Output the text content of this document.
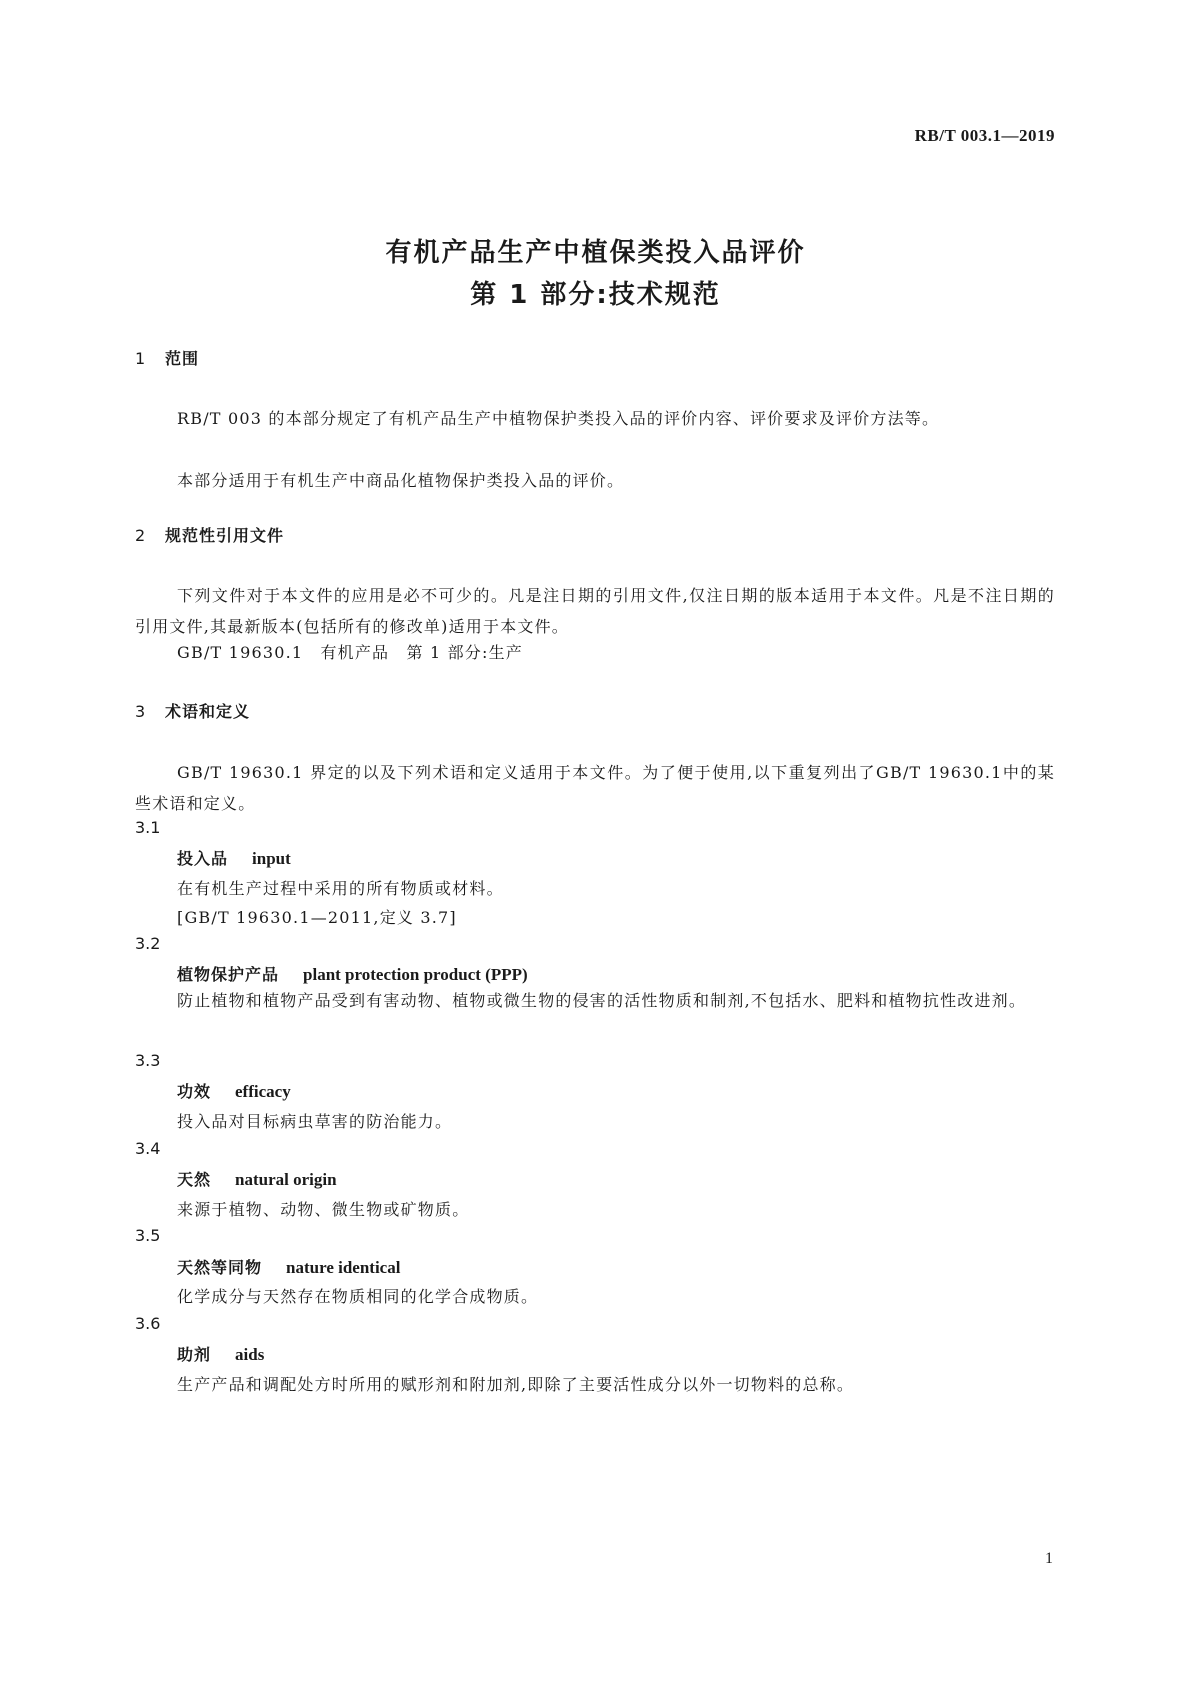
RB/T 003.1—2019
有机产品生产中植保类投入品评价
第 1 部分:技术规范
1 范围
RB/T 003 的本部分规定了有机产品生产中植物保护类投入品的评价内容、评价要求及评价方法等。
本部分适用于有机生产中商品化植物保护类投入品的评价。
2 规范性引用文件
下列文件对于本文件的应用是必不可少的。凡是注日期的引用文件,仅注日期的版本适用于本文件。凡是不注日期的引用文件,其最新版本(包括所有的修改单)适用于本文件。
GB/T 19630.1　有机产品　第 1 部分:生产
3 术语和定义
GB/T 19630.1 界定的以及下列术语和定义适用于本文件。为了便于使用,以下重复列出了GB/T 19630.1中的某些术语和定义。
3.1
投入品 input
在有机生产过程中采用的所有物质或材料。
[GB/T 19630.1—2011,定义 3.7]
3.2
植物保护产品 plant protection product (PPP)
防止植物和植物产品受到有害动物、植物或微生物的侵害的活性物质和制剂,不包括水、肥料和植物抗性改进剂。
3.3
功效 efficacy
投入品对目标病虫草害的防治能力。
3.4
天然 natural origin
来源于植物、动物、微生物或矿物质。
3.5
天然等同物 nature identical
化学成分与天然存在物质相同的化学合成物质。
3.6
助剂 aids
生产产品和调配处方时所用的赋形剂和附加剂,即除了主要活性成分以外一切物料的总称。
1
